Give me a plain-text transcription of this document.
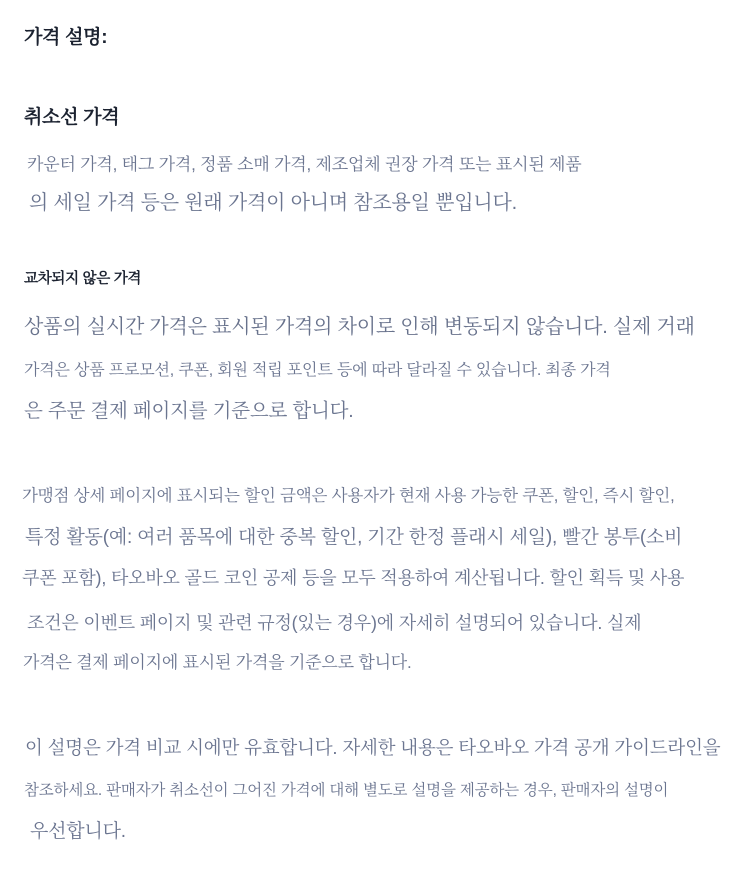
가격 설명:

취소선 가격

카운터 가격, 태그 가격, 정품 소매 가격, 제조업체 권장 가격 또는 표시된 제품

의 세일 가격 등은 원래 가격이 아니며 참조용일 뿐입니다.

교차되지 않은 가격

상품의 실시간 가격은 표시된 가격의 차이로 인해 변동되지 않습니다. 실제 거래

가격은 상품 프로모션, 쿠폰, 회원 적립 포인트 등에 따라 달라질 수 있습니다. 최종 가격

은 주문 결제 페이지를 기준으로 합니다.

가맹점 상세 페이지에 표시되는 할인 금액은 사용자가 현재 사용 가능한 쿠폰, 할인, 즉시 할인,

특정 활동(예: 여러 품목에 대한 중복 할인, 기간 한정 플래시 세일), 빨간 봉투(소비

쿠폰 포함), 타오바오 골드 코인 공제 등을 모두 적용하여 계산됩니다. 할인 획득 및 사용

조건은 이벤트 페이지 및 관련 규정(있는 경우)에 자세히 설명되어 있습니다. 실제

가격은 결제 페이지에 표시된 가격을 기준으로 합니다.

이 설명은 가격 비교 시에만 유효합니다. 자세한 내용은 타오바오 가격 공개 가이드라인을

참조하세요. 판매자가 취소선이 그어진 가격에 대해 별도로 설명을 제공하는 경우, 판매자의 설명이

우선합니다.
